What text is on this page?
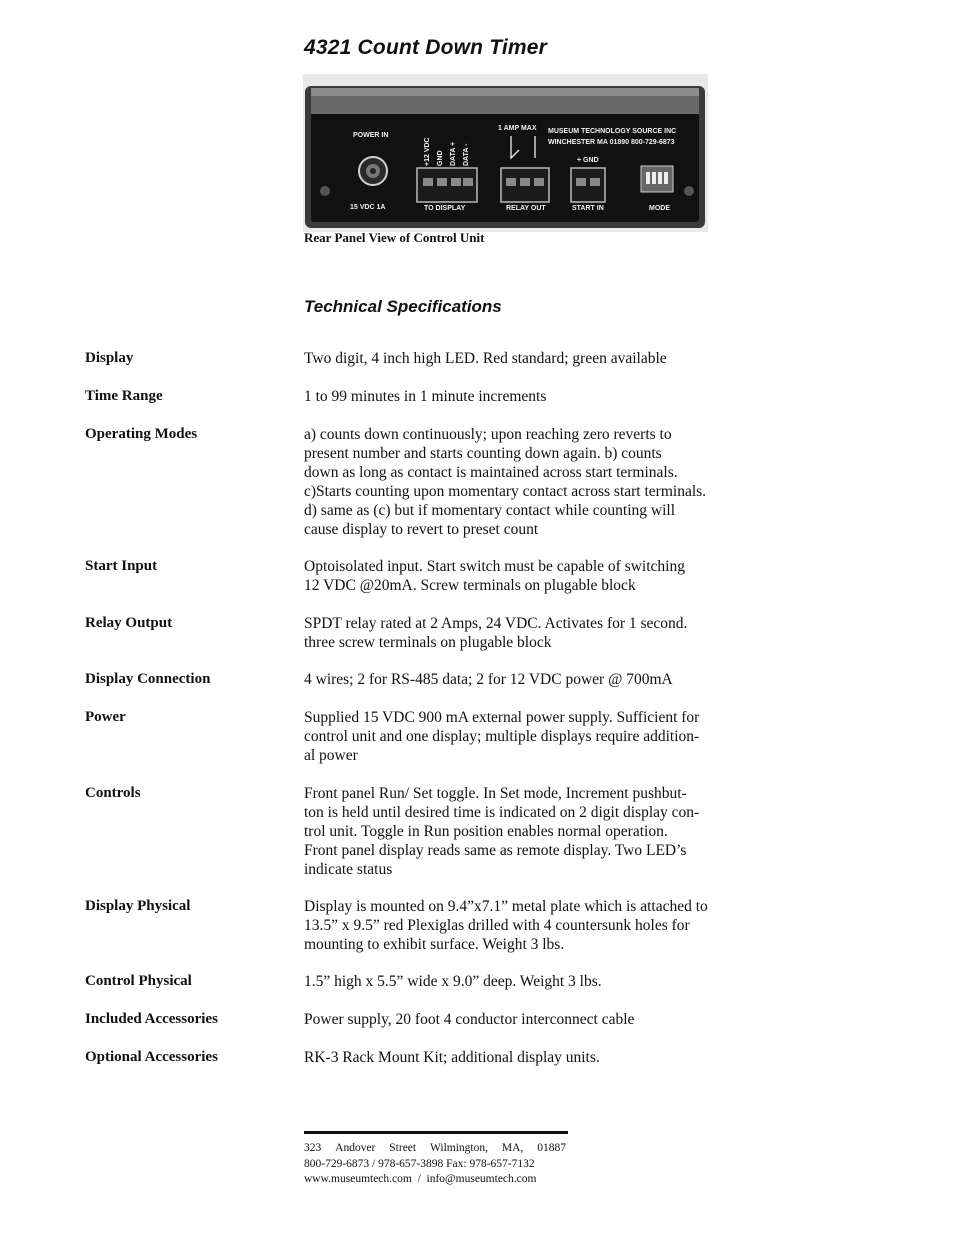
4321 Count Down Timer
POWER IN
15 VDC 1A
1 AMP MAX MUSEUM TECHNOLOGY SOURCE INC
WINCHESTER MA 01890 800-729-6873
+ GND
TO DISPLAY	RELAY OUT	START IN	MODE
+12 VDC GND DATA + DATA -
Rear Panel View of Control Unit
Technical Specifications
Display	Two digit, 4 inch high LED. Red standard; green available
Time Range	1 to 99 minutes in 1 minute increments
Operating Modes	a) counts down continuously; upon reaching zero reverts to
present number and starts counting down again. b) counts
down as long as contact is maintained across start terminals.
c)Starts counting upon momentary contact across start terminals.
d) same as (c) but if momentary contact while counting will
cause display to revert to preset count
Start Input	Optoisolated input. Start switch must be capable of switching
12 VDC @20mA. Screw terminals on plugable block
Relay Output	SPDT relay rated at 2 Amps, 24 VDC. Activates for 1 second.
three screw terminals on plugable block
Display Connection	4 wires; 2 for RS-485 data; 2 for 12 VDC power @ 700mA
Power	Supplied 15 VDC 900 mA external power supply. Sufficient for
control unit and one display; multiple displays require addition-
al power
Controls	Front panel Run/ Set toggle. In Set mode, Increment pushbut-
ton is held until desired time is indicated on 2 digit display con-
trol unit. Toggle in Run position enables normal operation.
Front panel display reads same as remote display. Two LED’s
indicate status
Display Physical	Display is mounted on 9.4”x7.1” metal plate which is attached to
13.5” x 9.5” red Plexiglas drilled with 4 countersunk holes for
mounting to exhibit surface. Weight 3 lbs.
Control Physical	1.5” high x 5.5” wide x 9.0” deep. Weight 3 lbs.
Included Accessories	Power supply, 20 foot 4 conductor interconnect cable
Optional Accessories	RK-3 Rack Mount Kit; additional display units.
323 Andover Street Wilmington, MA, 01887
800-729-6873 / 978-657-3898 Fax: 978-657-7132
www.museumtech.com  /  info@museumtech.com
